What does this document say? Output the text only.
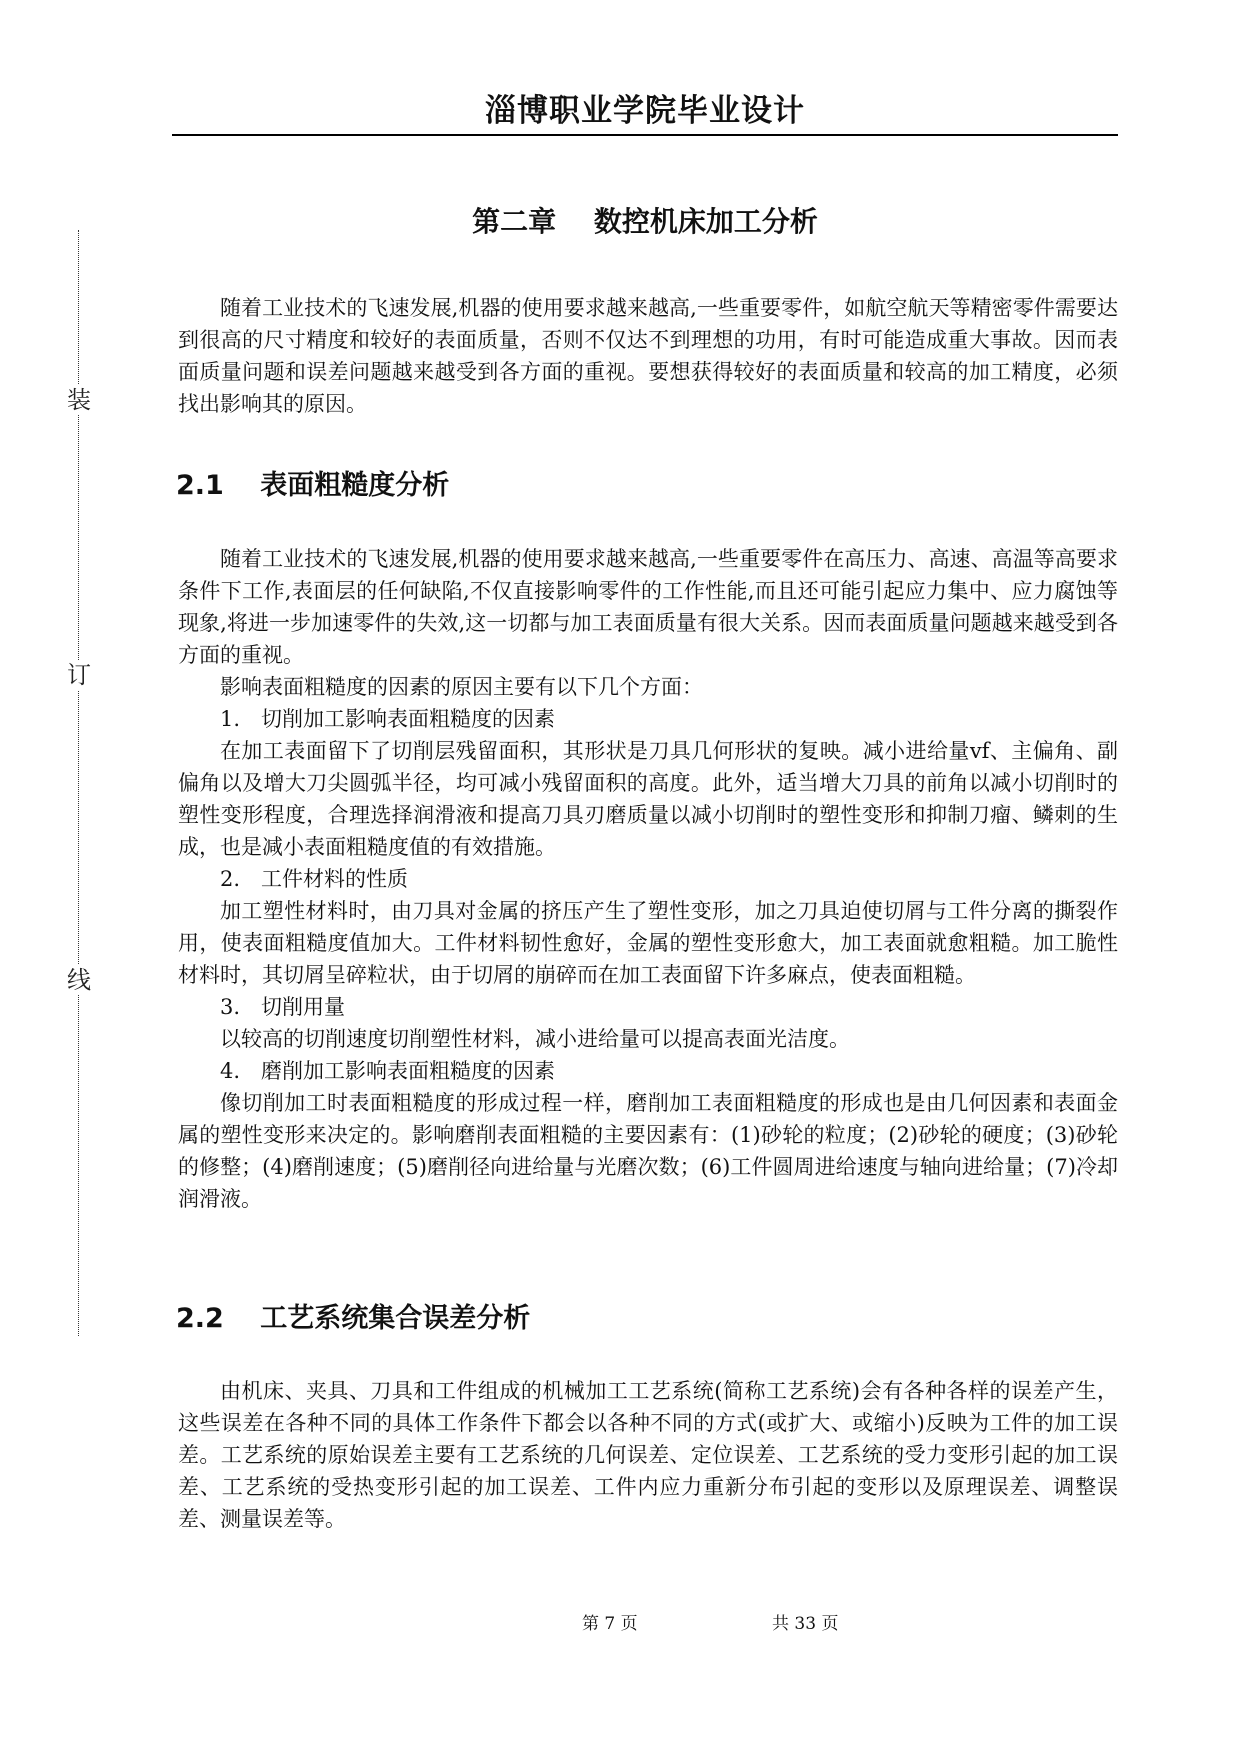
淄博职业学院毕业设计
装
订
线
第二章　 数控机床加工分析

随着工业技术的飞速发展,机器的使用要求越来越高,一些重要零件，如航空航天等精密零件需要达到很高的尺寸精度和较好的表面质量，否则不仅达不到理想的功用，有时可能造成重大事故。因而表面质量问题和误差问题越来越受到各方面的重视。要想获得较好的表面质量和较高的加工精度，必须找出影响其的原因。

2.1　 表面粗糙度分析

随着工业技术的飞速发展,机器的使用要求越来越高,一些重要零件在高压力、高速、高温等高要求条件下工作,表面层的任何缺陷,不仅直接影响零件的工作性能,而且还可能引起应力集中、应力腐蚀等现象,将进一步加速零件的失效,这一切都与加工表面质量有很大关系。因而表面质量问题越来越受到各方面的重视。

影响表面粗糙度的因素的原因主要有以下几个方面：

1.　切削加工影响表面粗糙度的因素

在加工表面留下了切削层残留面积，其形状是刀具几何形状的复映。减小进给量vf、主偏角、副偏角以及增大刀尖圆弧半径，均可减小残留面积的高度。此外，适当增大刀具的前角以减小切削时的塑性变形程度，合理选择润滑液和提高刀具刃磨质量以减小切削时的塑性变形和抑制刀瘤、鳞刺的生成，也是减小表面粗糙度值的有效措施。

2.　工件材料的性质

加工塑性材料时，由刀具对金属的挤压产生了塑性变形，加之刀具迫使切屑与工件分离的撕裂作用，使表面粗糙度值加大。工件材料韧性愈好，金属的塑性变形愈大，加工表面就愈粗糙。加工脆性材料时，其切屑呈碎粒状，由于切屑的崩碎而在加工表面留下许多麻点，使表面粗糙。

3.　切削用量

以较高的切削速度切削塑性材料，减小进给量可以提高表面光洁度。

4.　磨削加工影响表面粗糙度的因素

像切削加工时表面粗糙度的形成过程一样，磨削加工表面粗糙度的形成也是由几何因素和表面金属的塑性变形来决定的。影响磨削表面粗糙的主要因素有：(1)砂轮的粒度；(2)砂轮的硬度；(3)砂轮的修整；(4)磨削速度；(5)磨削径向进给量与光磨次数；(6)工件圆周进给速度与轴向进给量；(7)冷却润滑液。

2.2　 工艺系统集合误差分析

由机床、夹具、刀具和工件组成的机械加工工艺系统(简称工艺系统)会有各种各样的误差产生，这些误差在各种不同的具体工作条件下都会以各种不同的方式(或扩大、或缩小)反映为工件的加工误差。工艺系统的原始误差主要有工艺系统的几何误差、定位误差、工艺系统的受力变形引起的加工误差、工艺系统的受热变形引起的加工误差、工件内应力重新分布引起的变形以及原理误差、调整误差、测量误差等。

第 7 页	共 33 页
